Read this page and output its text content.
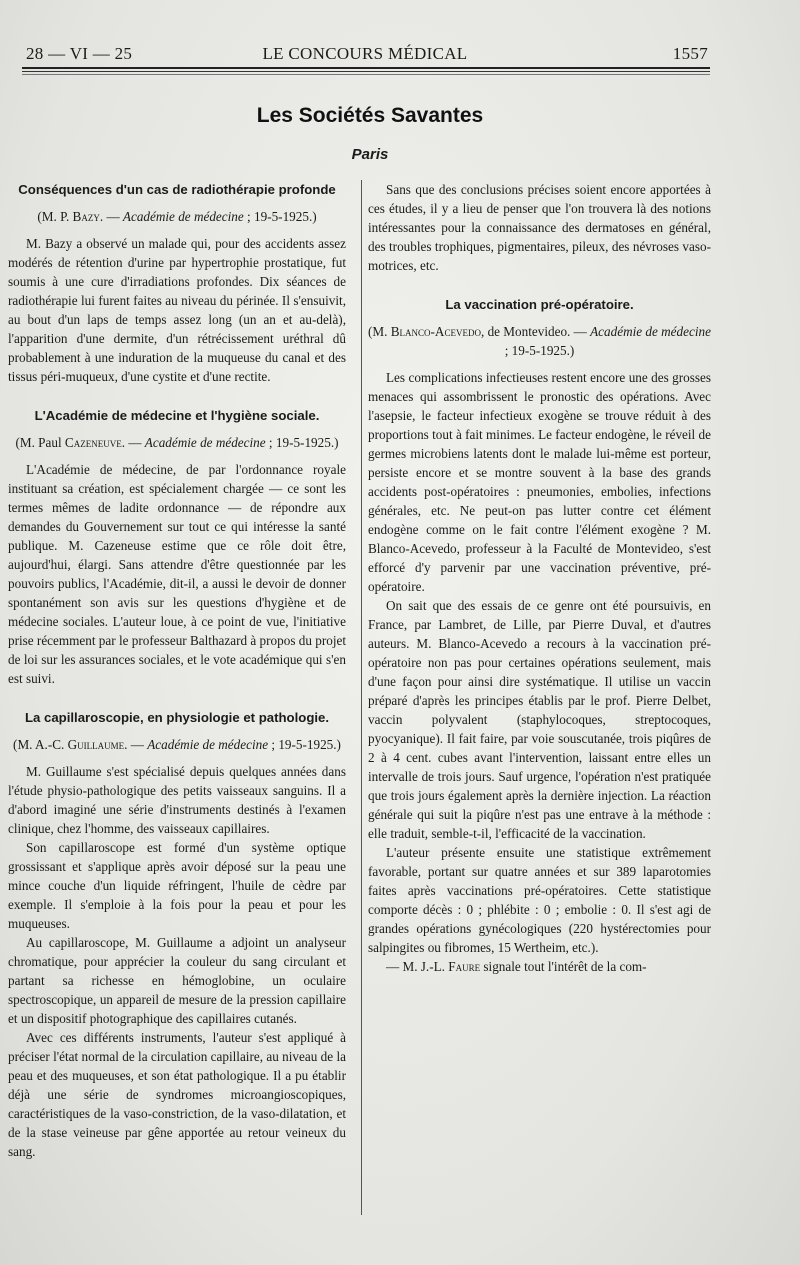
28 — VI — 25	LE CONCOURS MÉDICAL	1557
Les Sociétés Savantes
Paris
Conséquences d'un cas de radiothérapie profonde
(M. P. Bazy. — Académie de médecine ; 19-5-1925.)

M. Bazy a observé un malade qui, pour des accidents assez modérés de rétention d'urine par hypertrophie prostatique, fut soumis à une cure d'irradiations profondes. Dix séances de radiothérapie lui furent faites au niveau du périnée. Il s'ensuivit, au bout d'un laps de temps assez long (un an et au-delà), l'apparition d'une dermite, d'un rétrécissement uréthral dû probablement à une induration de la muqueuse du canal et des tissus péri-muqueux, d'une cystite et d'une rectite.

L'Académie de médecine et l'hygiène sociale.
(M. Paul Cazeneuve. — Académie de médecine ; 19-5-1925.)

L'Académie de médecine, de par l'ordonnance royale instituant sa création, est spécialement chargée — ce sont les termes mêmes de ladite ordonnance — de répondre aux demandes du Gouvernement sur tout ce qui intéresse la santé publique. M. Cazeneuse estime que ce rôle doit être, aujourd'hui, élargi. Sans attendre d'être questionnée par les pouvoirs publics, l'Académie, dit-il, a aussi le devoir de donner spontanément son avis sur les questions d'hygiène et de médecine sociales. L'auteur loue, à ce point de vue, l'initiative prise récemment par le professeur Balthazard à propos du projet de loi sur les assurances sociales, et le vote académique qui s'en est suivi.

La capillaroscopie, en physiologie et pathologie.
(M. A.-C. Guillaume. — Académie de médecine ; 19-5-1925.)

M. Guillaume s'est spécialisé depuis quelques années dans l'étude physio-pathologique des petits vaisseaux sanguins. Il a d'abord imaginé une série d'instruments destinés à l'examen clinique, chez l'homme, des vaisseaux capillaires.

Son capillaroscope est formé d'un système optique grossissant et s'applique après avoir déposé sur la peau une mince couche d'un liquide réfringent, l'huile de cèdre par exemple. Il s'emploie à la fois pour la peau et pour les muqueuses.

Au capillaroscope, M. Guillaume a adjoint un analyseur chromatique, pour apprécier la couleur du sang circulant et partant sa richesse en hémoglobine, un oculaire spectroscopique, un appareil de mesure de la pression capillaire et un dispositif photographique des capillaires cutanés.

Avec ces différents instruments, l'auteur s'est appliqué à préciser l'état normal de la circulation capillaire, au niveau de la peau et des muqueuses, et son état pathologique. Il a pu établir déjà une série de syndromes microangioscopiques, caractéristiques de la vaso-constriction, de la vaso-dilatation, et de la stase veineuse par gêne apportée au retour veineux du sang.

Sans que des conclusions précises soient encore apportées à ces études, il y a lieu de penser que l'on trouvera là des notions intéressantes pour la connaissance des dermatoses en général, des troubles trophiques, pigmentaires, pileux, des névroses vaso-motrices, etc.

La vaccination pré-opératoire.
(M. Blanco-Acevedo, de Montevideo. — Académie de médecine ; 19-5-1925.)

Les complications infectieuses restent encore une des grosses menaces qui assombrissent le pronostic des opérations. Avec l'asepsie, le facteur infectieux exogène se trouve réduit à des proportions tout à fait minimes. Le facteur endogène, le réveil de germes microbiens latents dont le malade lui-même est porteur, persiste encore et se montre souvent à la base des grands accidents post-opératoires : pneumonies, embolies, infections générales, etc. Ne peut-on pas lutter contre cet élément endogène comme on le fait contre l'élément exogène ? M. Blanco-Acevedo, professeur à la Faculté de Montevideo, s'est efforcé d'y parvenir par une vaccination préventive, pré-opératoire.

On sait que des essais de ce genre ont été poursuivis, en France, par Lambret, de Lille, par Pierre Duval, et d'autres auteurs. M. Blanco-Acevedo a recours à la vaccination pré-opératoire non pas pour certaines opérations seulement, mais d'une façon pour ainsi dire systématique. Il utilise un vaccin préparé d'après les principes établis par le prof. Pierre Delbet, vaccin polyvalent (staphylocoques, streptocoques, pyocyanique). Il fait faire, par voie souscutanée, trois piqûres de 2 à 4 cent. cubes avant l'intervention, laissant entre elles un intervalle de trois jours. Sauf urgence, l'opération n'est pratiquée que trois jours également après la dernière injection. La réaction générale qui suit la piqûre n'est pas une entrave à la méthode : elle traduit, semble-t-il, l'efficacité de la vaccination.

L'auteur présente ensuite une statistique extrêmement favorable, portant sur quatre années et sur 389 laparotomies faites après vaccinations pré-opératoires. Cette statistique comporte décès : 0 ; phlébite : 0 ; embolie : 0. Il s'est agi de grandes opérations gynécologiques (220 hystérectomies pour salpingites ou fibromes, 15 Wertheim, etc.).

— M. J.-L. Faure signale tout l'intérêt de la com-
